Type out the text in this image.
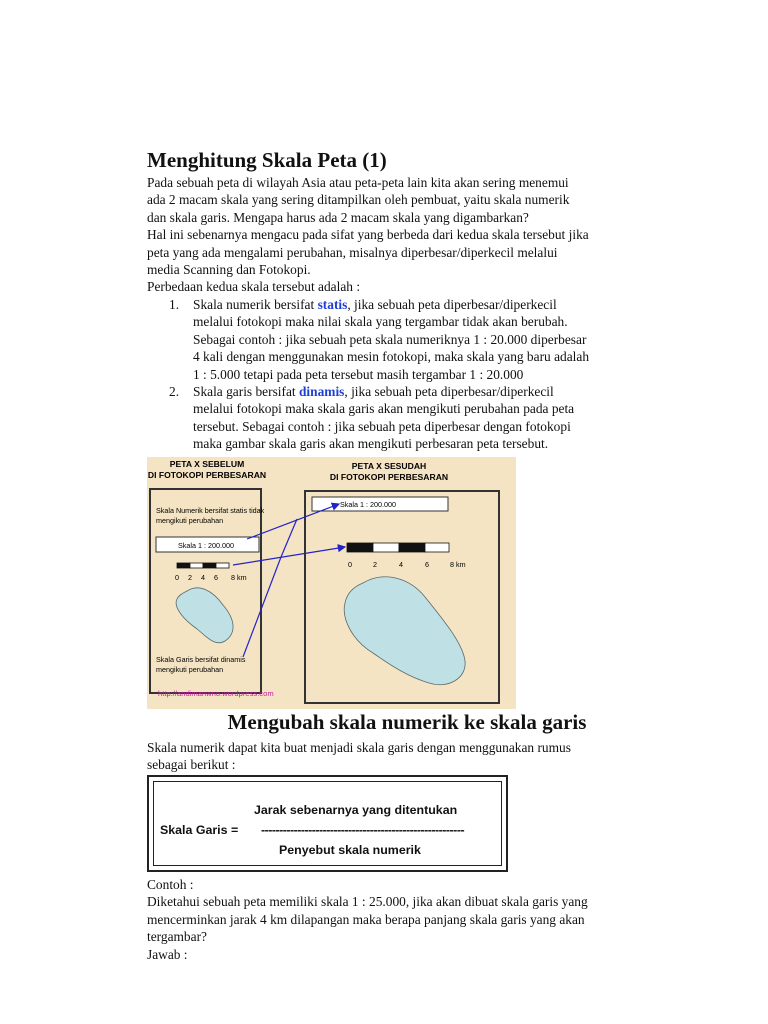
Menghitung Skala Peta (1)
Pada sebuah peta di wilayah Asia atau peta-peta lain kita akan sering menemui
ada 2 macam skala yang sering ditampilkan oleh pembuat, yaitu skala numerik
dan skala garis. Mengapa harus ada 2 macam skala yang digambarkan?
Hal ini sebenarnya mengacu pada sifat yang berbeda dari kedua skala tersebut jika
peta yang ada mengalami perubahan, misalnya diperbesar/diperkecil melalui
media Scanning dan Fotokopi.
Perbedaan kedua skala tersebut adalah :
1. Skala numerik bersifat statis, jika sebuah peta diperbesar/diperkecil
melalui fotokopi maka nilai skala yang tergambar tidak akan berubah.
Sebagai contoh : jika sebuah peta skala numeriknya 1 : 20.000 diperbesar
4 kali dengan menggunakan mesin fotokopi, maka skala yang baru adalah
1 : 5.000 tetapi pada peta tersebut masih tergambar 1 : 20.000
2. Skala garis bersifat dinamis, jika sebuah peta diperbesar/diperkecil
melalui fotokopi maka skala garis akan mengikuti perubahan pada peta
tersebut. Sebagai contoh : jika sebuah peta diperbesar dengan fotokopi
maka gambar skala garis akan mengikuti perbesaran peta tersebut.
Mengubah skala numerik ke skala garis
Skala numerik dapat kita buat menjadi skala garis dengan menggunakan rumus
sebagai berikut :
Contoh :
Diketahui sebuah peta memiliki skala 1 : 25.000, jika akan dibuat skala garis yang
mencerminkan jarak 4 km dilapangan maka berapa panjang skala garis yang akan
tergambar?
Jawab :
PETA X SEBELUM
DI FOTOKOPI PERBESARAN
PETA X SESUDAH
DI FOTOKOPI PERBESARAN
Skala Numerik bersifat statis tidak
mengikuti perubahan
Skala 1 : 200.000
0 2 4 6 8 km
Skala Garis bersifat dinamis
mengikuti perubahan
http://andimanwno.wordpress.com
Skala 1 : 200.000
0	2	4	6	8 km
Jarak sebenarnya yang ditentukan
Skala Garis = --------------------------------------------------------
Penyebut skala numerik
